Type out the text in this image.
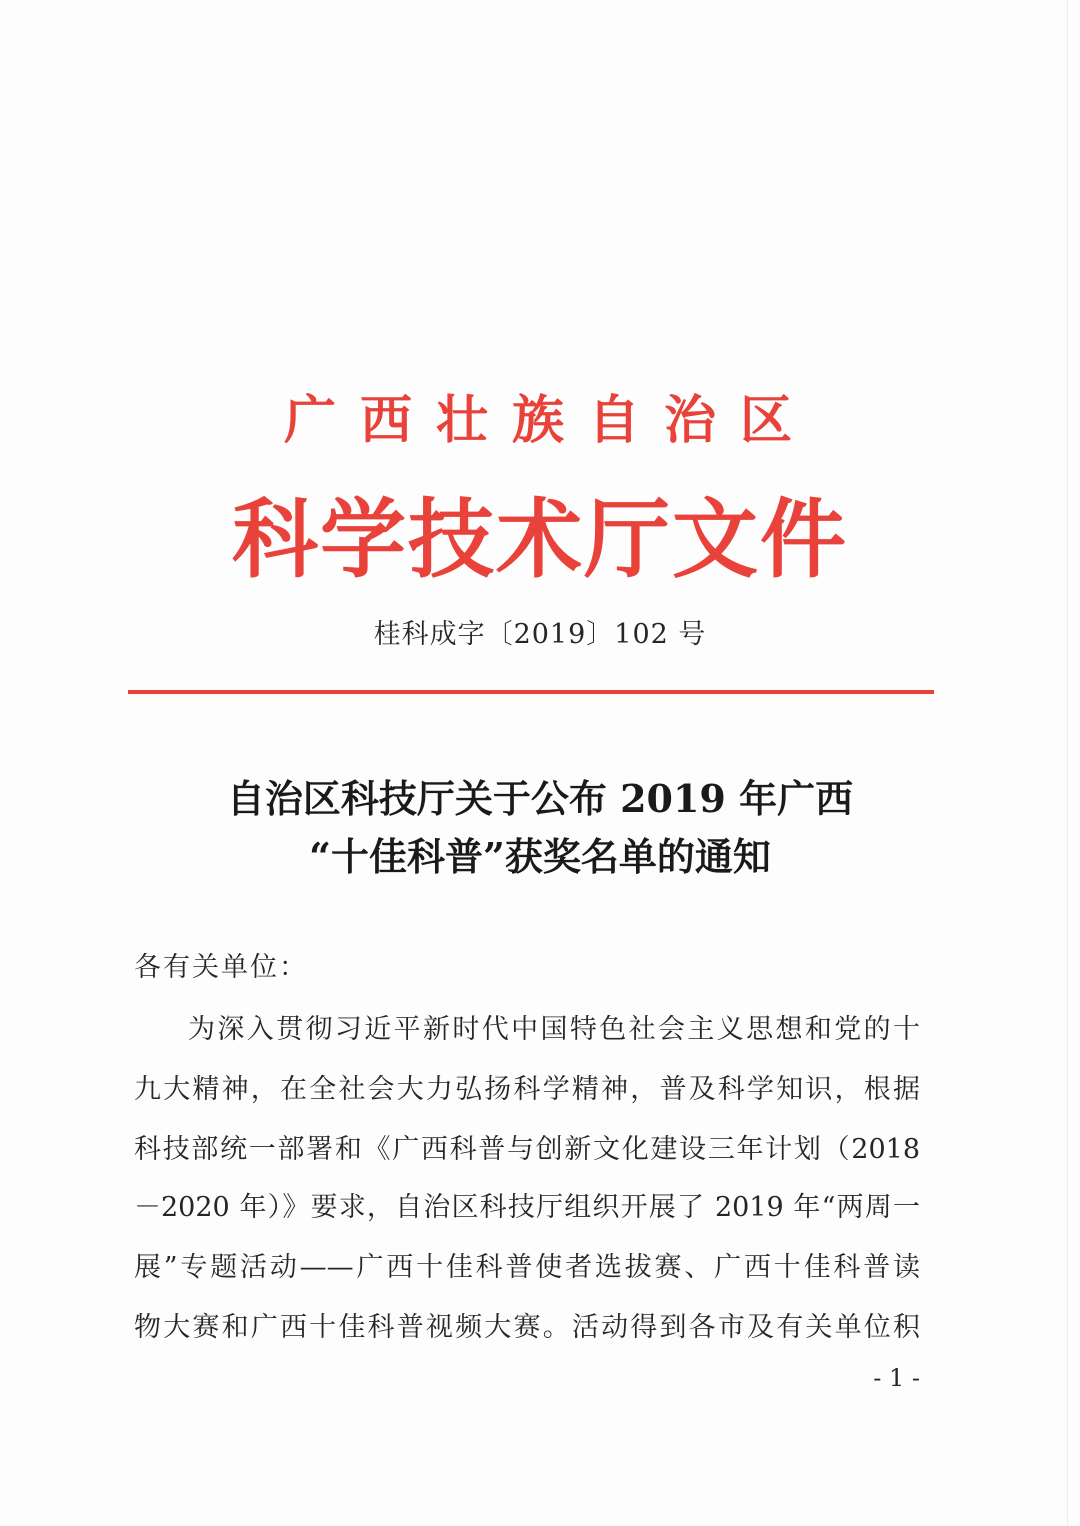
广西壮族自治区
科学技术厅文件
桂科成字〔2019〕102 号
自治区科技厅关于公布 2019 年广西
“十佳科普”获奖名单的通知
各有关单位：
为深入贯彻习近平新时代中国特色社会主义思想和党的十
九大精神，在全社会大力弘扬科学精神，普及科学知识，根据
科技部统一部署和《广西科普与创新文化建设三年计划（2018
－2020 年）》要求，自治区科技厅组织开展了 2019 年“两周一
展”专题活动——广西十佳科普使者选拔赛、广西十佳科普读
物大赛和广西十佳科普视频大赛。活动得到各市及有关单位积
- 1 -
